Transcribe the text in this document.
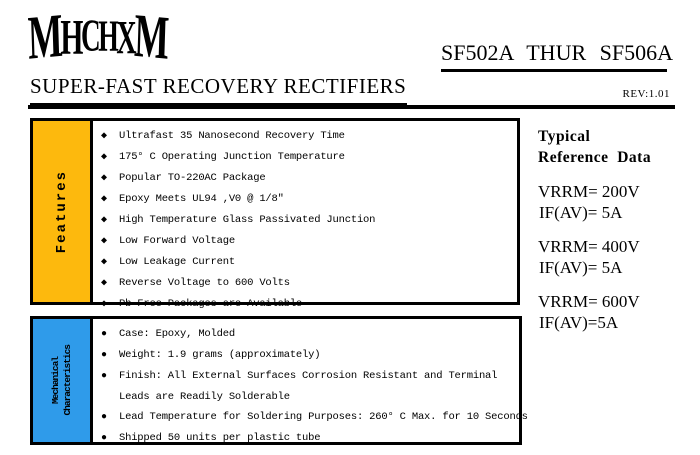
MHCHXM
SUPER-FAST RECOVERY RECTIFIERS
SF502A THUR SF506A
REV:1.01
Features
◆	Ultrafast 35 Nanosecond Recovery Time
◆	175° C Operating Junction Temperature
◆	Popular TO-220AC Package
◆	Epoxy Meets UL94 ,V0 @ 1/8″
◆	High Temperature Glass Passivated Junction
◆	Low Forward Voltage
◆	Low Leakage Current
◆	Reverse Voltage to 600 Volts
◆	Pb-Free Packages are Available
Typical
Reference  Data
VRRM= 200V
IF(AV)= 5A
VRRM= 400V
IF(AV)= 5A
VRRM= 600V
IF(AV)=5A
Mechanical Characteristics
●	Case: Epoxy, Molded
●	Weight: 1.9 grams (approximately)
●	Finish: All External Surfaces Corrosion Resistant and Terminal
Leads are Readily Solderable
●	Lead Temperature for Soldering Purposes: 260° C Max. for 10 Seconds
●	Shipped 50 units per plastic tube
